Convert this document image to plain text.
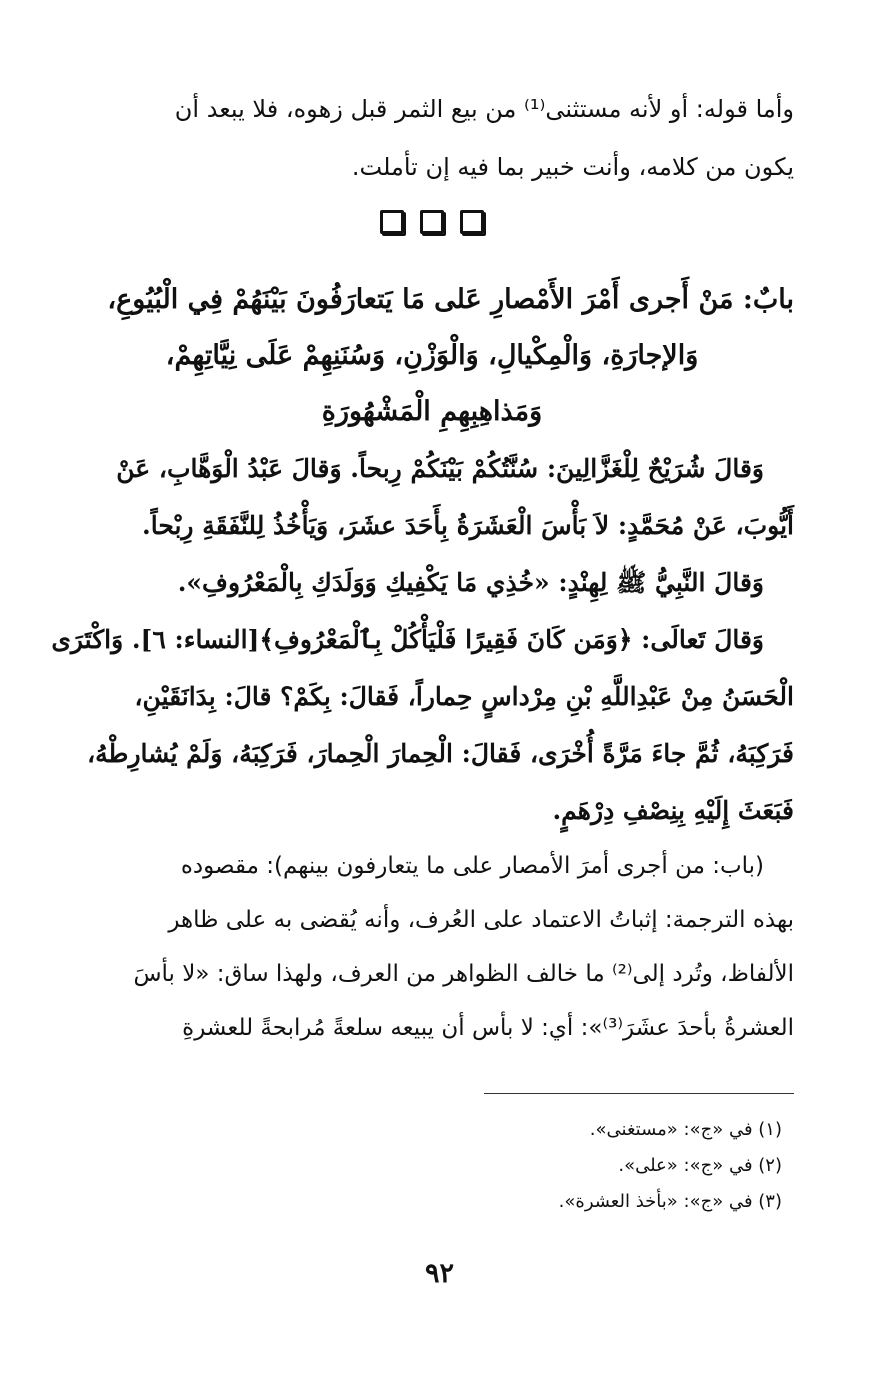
وأما قوله: أو لأنه مستثنى⁽¹⁾ من بيع الثمر قبل زهوه، فلا يبعد أن
يكون من كلامه، وأنت خبير بما فيه إن تأملت.
بابٌ: مَنْ أَجرى أَمْرَ الأَمْصارِ عَلى مَا يَتعارَفُونَ بَيْنَهُمْ فِي الْبُيُوعِ،
وَالإجارَةِ، وَالْمِكْيالِ، وَالْوَزْنِ، وَسُنَنِهِمْ عَلَى نِيَّاتِهِمْ،
وَمَذاهِبِهِمِ الْمَشْهُورَةِ
وَقالَ شُرَيْحٌ لِلْغَزَّالِينَ: سُنَّتُكُمْ بَيْنَكُمْ رِبحاً. وَقالَ عَبْدُ الْوَهَّابِ، عَنْ
أَيُّوبَ، عَنْ مُحَمَّدٍ: لاَ بَأْسَ الْعَشَرَةُ بِأَحَدَ عشَرَ، وَيَأْخُذُ لِلنَّفَقَةِ رِبْحاً.
وَقالَ النَّبِيُّ ﷺ لِهِنْدٍ: «خُذِي مَا يَكْفِيكِ وَوَلَدَكِ بِالْمَعْرُوفِ».
وَقالَ تَعالَى: ﴿وَمَن كَانَ فَقِيرًا فَلْيَأْكُلْ بِٱلْمَعْرُوفِ﴾[النساء: ٦]. وَاكْتَرَى
الْحَسَنُ مِنْ عَبْدِاللَّهِ بْنِ مِرْداسٍ حِماراً، فَقالَ: بِكَمْ؟ قالَ: بِدَانَقَيْنِ،
فَرَكِبَهُ، ثُمَّ جاءَ مَرَّةً أُخْرَى، فَقالَ: الْحِمارَ الْحِمارَ، فَرَكِبَهُ، وَلَمْ يُشارِطْهُ،
فَبَعَثَ إِلَيْهِ بِنِصْفِ دِرْهَمٍ.
(باب: من أجرى أمرَ الأمصار على ما يتعارفون بينهم): مقصوده
بهذه الترجمة: إثباتُ الاعتماد على العُرف، وأنه يُقضى به على ظاهر
الألفاظ، وتُرد إلى⁽²⁾ ما خالف الظواهر من العرف، ولهذا ساق: «لا بأسَ
العشرةُ بأحدَ عشَرَ⁽³⁾»: أي: لا بأس أن يبيعه سلعةً مُرابحةً للعشرةِ
(١) في «ج»: «مستغنى».
(٢) في «ج»: «على».
(٣) في «ج»: «بأخذ العشرة».
٩٢
